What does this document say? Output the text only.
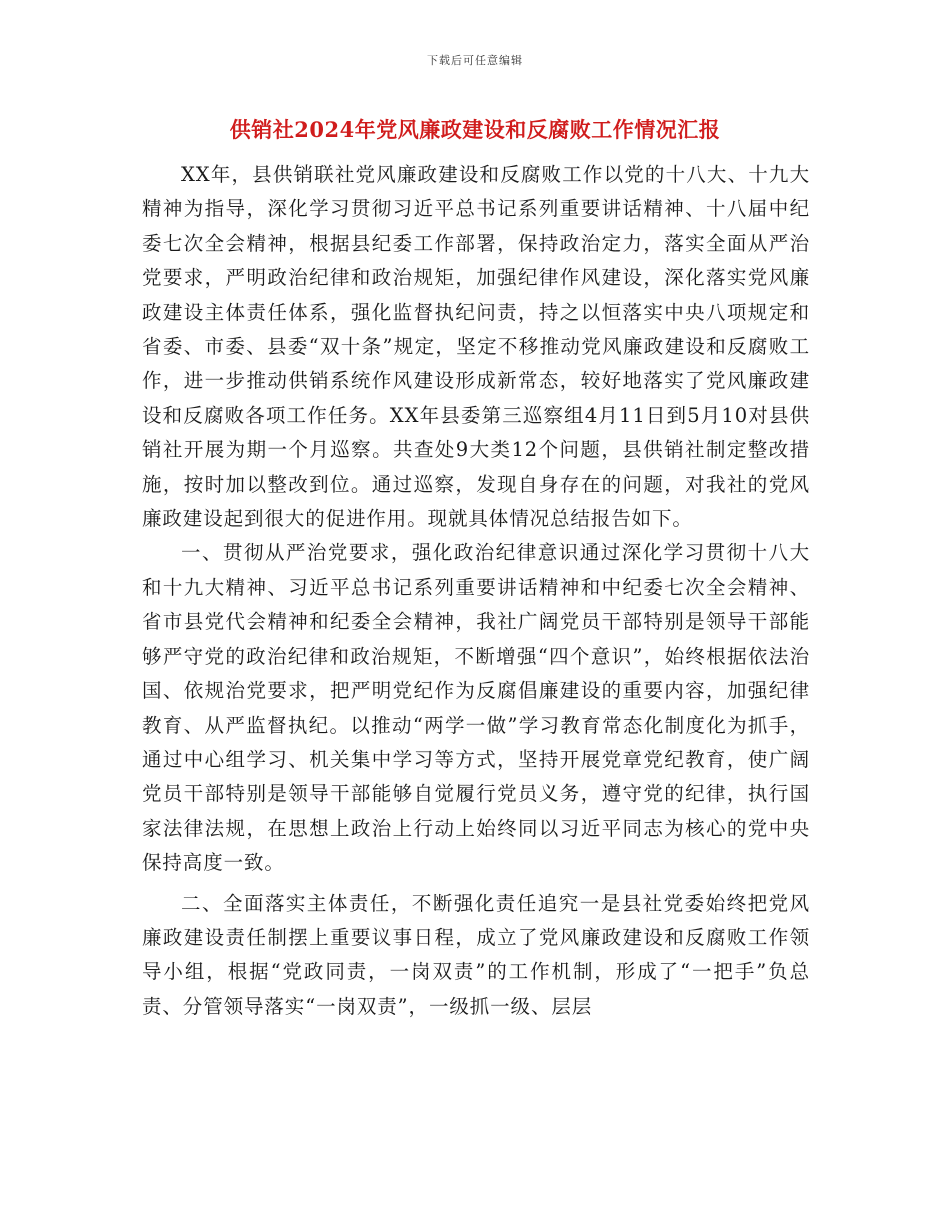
下载后可任意编辑
供销社2024年党风廉政建设和反腐败工作情况汇报

XX年，县供销联社党风廉政建设和反腐败工作以党的十八大、十九大精神为指导，深化学习贯彻习近平总书记系列重要讲话精神、十八届中纪委七次全会精神，根据县纪委工作部署，保持政治定力，落实全面从严治党要求，严明政治纪律和政治规矩，加强纪律作风建设，深化落实党风廉政建设主体责任体系，强化监督执纪问责，持之以恒落实中央八项规定和省委、市委、县委“双十条”规定，坚定不移推动党风廉政建设和反腐败工作，进一步推动供销系统作风建设形成新常态，较好地落实了党风廉政建设和反腐败各项工作任务。XX年县委第三巡察组4月11日到5月10对县供销社开展为期一个月巡察。共查处9大类12个问题，县供销社制定整改措施，按时加以整改到位。通过巡察，发现自身存在的问题，对我社的党风廉政建设起到很大的促进作用。现就具体情况总结报告如下。

一、贯彻从严治党要求，强化政治纪律意识通过深化学习贯彻十八大和十九大精神、习近平总书记系列重要讲话精神和中纪委七次全会精神、省市县党代会精神和纪委全会精神，我社广阔党员干部特别是领导干部能够严守党的政治纪律和政治规矩，不断增强“四个意识”，始终根据依法治国、依规治党要求，把严明党纪作为反腐倡廉建设的重要内容，加强纪律教育、从严监督执纪。以推动“两学一做”学习教育常态化制度化为抓手，通过中心组学习、机关集中学习等方式，坚持开展党章党纪教育，使广阔党员干部特别是领导干部能够自觉履行党员义务，遵守党的纪律，执行国家法律法规，在思想上政治上行动上始终同以习近平同志为核心的党中央保持高度一致。

二、全面落实主体责任，不断强化责任追究一是县社党委始终把党风廉政建设责任制摆上重要议事日程，成立了党风廉政建设和反腐败工作领导小组，根据“党政同责，一岗双责”的工作机制，形成了“一把手”负总责、分管领导落实“一岗双责”，一级抓一级、层层
